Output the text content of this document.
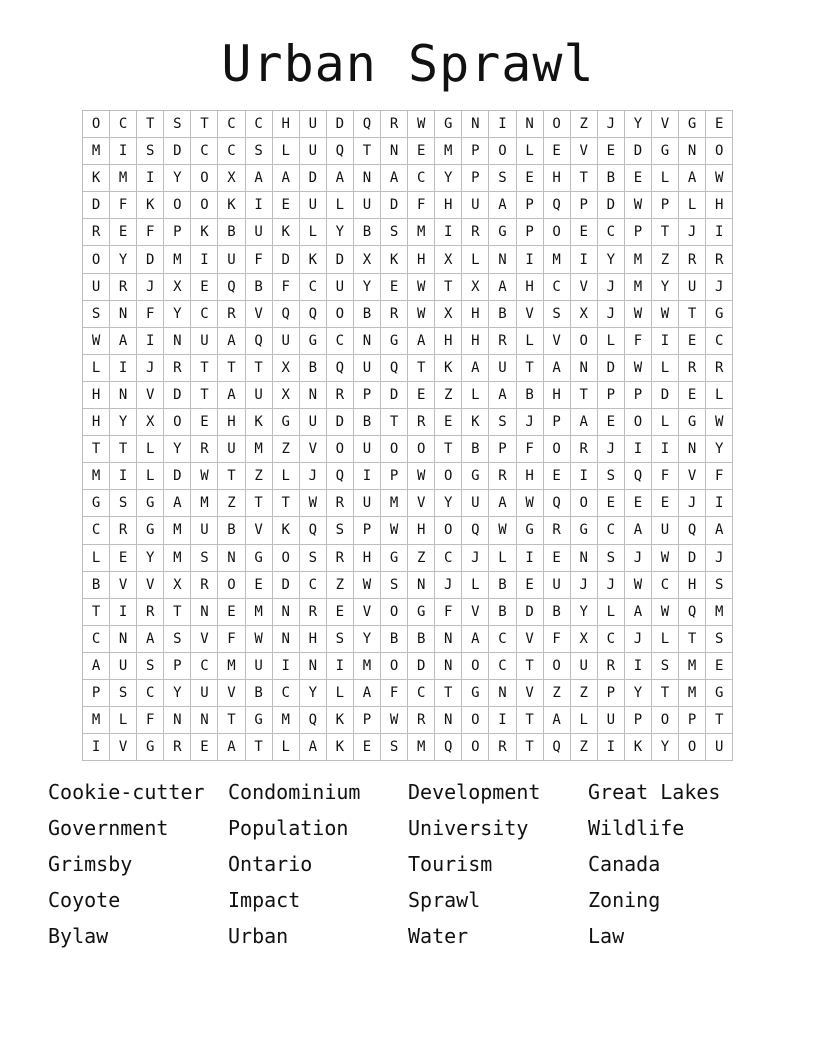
Urban Sprawl
O	C	T	S	T	C	C	H	U	D	Q	R	W	G	N	I	N	O	Z	J	Y	V	G	E
M	I	S	D	C	C	S	L	U	Q	T	N	E	M	P	O	L	E	V	E	D	G	N	O
K	M	I	Y	O	X	A	A	D	A	N	A	C	Y	P	S	E	H	T	B	E	L	A	W
D	F	K	O	O	K	I	E	U	L	U	D	F	H	U	A	P	Q	P	D	W	P	L	H
R	E	F	P	K	B	U	K	L	Y	B	S	M	I	R	G	P	O	E	C	P	T	J	I
O	Y	D	M	I	U	F	D	K	D	X	K	H	X	L	N	I	M	I	Y	M	Z	R	R
U	R	J	X	E	Q	B	F	C	U	Y	E	W	T	X	A	H	C	V	J	M	Y	U	J
S	N	F	Y	C	R	V	Q	Q	O	B	R	W	X	H	B	V	S	X	J	W	W	T	G
W	A	I	N	U	A	Q	U	G	C	N	G	A	H	H	R	L	V	O	L	F	I	E	C
L	I	J	R	T	T	T	X	B	Q	U	Q	T	K	A	U	T	A	N	D	W	L	R	R
H	N	V	D	T	A	U	X	N	R	P	D	E	Z	L	A	B	H	T	P	P	D	E	L
H	Y	X	O	E	H	K	G	U	D	B	T	R	E	K	S	J	P	A	E	O	L	G	W
T	T	L	Y	R	U	M	Z	V	O	U	O	O	T	B	P	F	O	R	J	I	I	N	Y
M	I	L	D	W	T	Z	L	J	Q	I	P	W	O	G	R	H	E	I	S	Q	F	V	F
G	S	G	A	M	Z	T	T	W	R	U	M	V	Y	U	A	W	Q	O	E	E	E	J	I
C	R	G	M	U	B	V	K	Q	S	P	W	H	O	Q	W	G	R	G	C	A	U	Q	A
L	E	Y	M	S	N	G	O	S	R	H	G	Z	C	J	L	I	E	N	S	J	W	D	J
B	V	V	X	R	O	E	D	C	Z	W	S	N	J	L	B	E	U	J	J	W	C	H	S
T	I	R	T	N	E	M	N	R	E	V	O	G	F	V	B	D	B	Y	L	A	W	Q	M
C	N	A	S	V	F	W	N	H	S	Y	B	B	N	A	C	V	F	X	C	J	L	T	S
A	U	S	P	C	M	U	I	N	I	M	O	D	N	O	C	T	O	U	R	I	S	M	E
P	S	C	Y	U	V	B	C	Y	L	A	F	C	T	G	N	V	Z	Z	P	Y	T	M	G
M	L	F	N	N	T	G	M	Q	K	P	W	R	N	O	I	T	A	L	U	P	O	P	T
I	V	G	R	E	A	T	L	A	K	E	S	M	Q	O	R	T	Q	Z	I	K	Y	O	U
Cookie-cutter	Condominium	Development	Great Lakes
Government	Population	University	Wildlife
Grimsby	Ontario	Tourism	Canada
Coyote	Impact	Sprawl	Zoning
Bylaw	Urban	Water	Law
